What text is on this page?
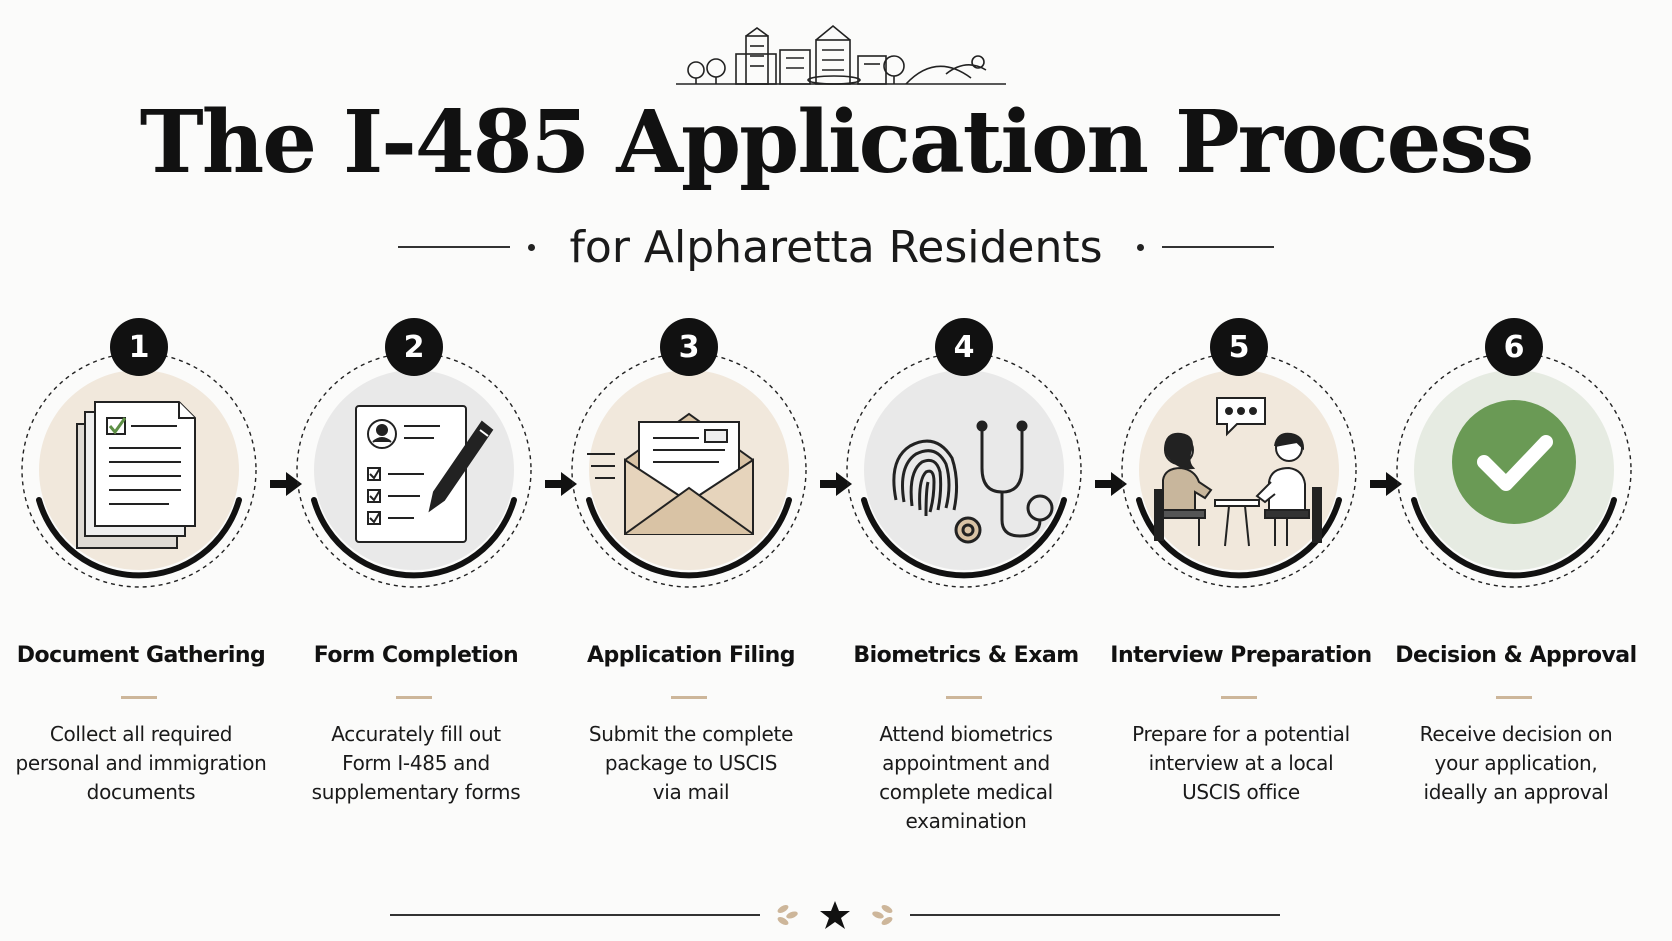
The I-485 Application Process
for Alpharetta Residents
1
Document Gathering
Collect all required
personal and immigration
documents
2
Form Completion
Accurately fill out
Form I-485 and
supplementary forms
3
Application Filing
Submit the complete
package to USCIS
via mail
4
Biometrics & Exam
Attend biometrics
appointment and
complete medical
examination
5
Interview Preparation
Prepare for a potential
interview at a local
USCIS office
6
Decision & Approval
Receive decision on
your application,
ideally an approval
